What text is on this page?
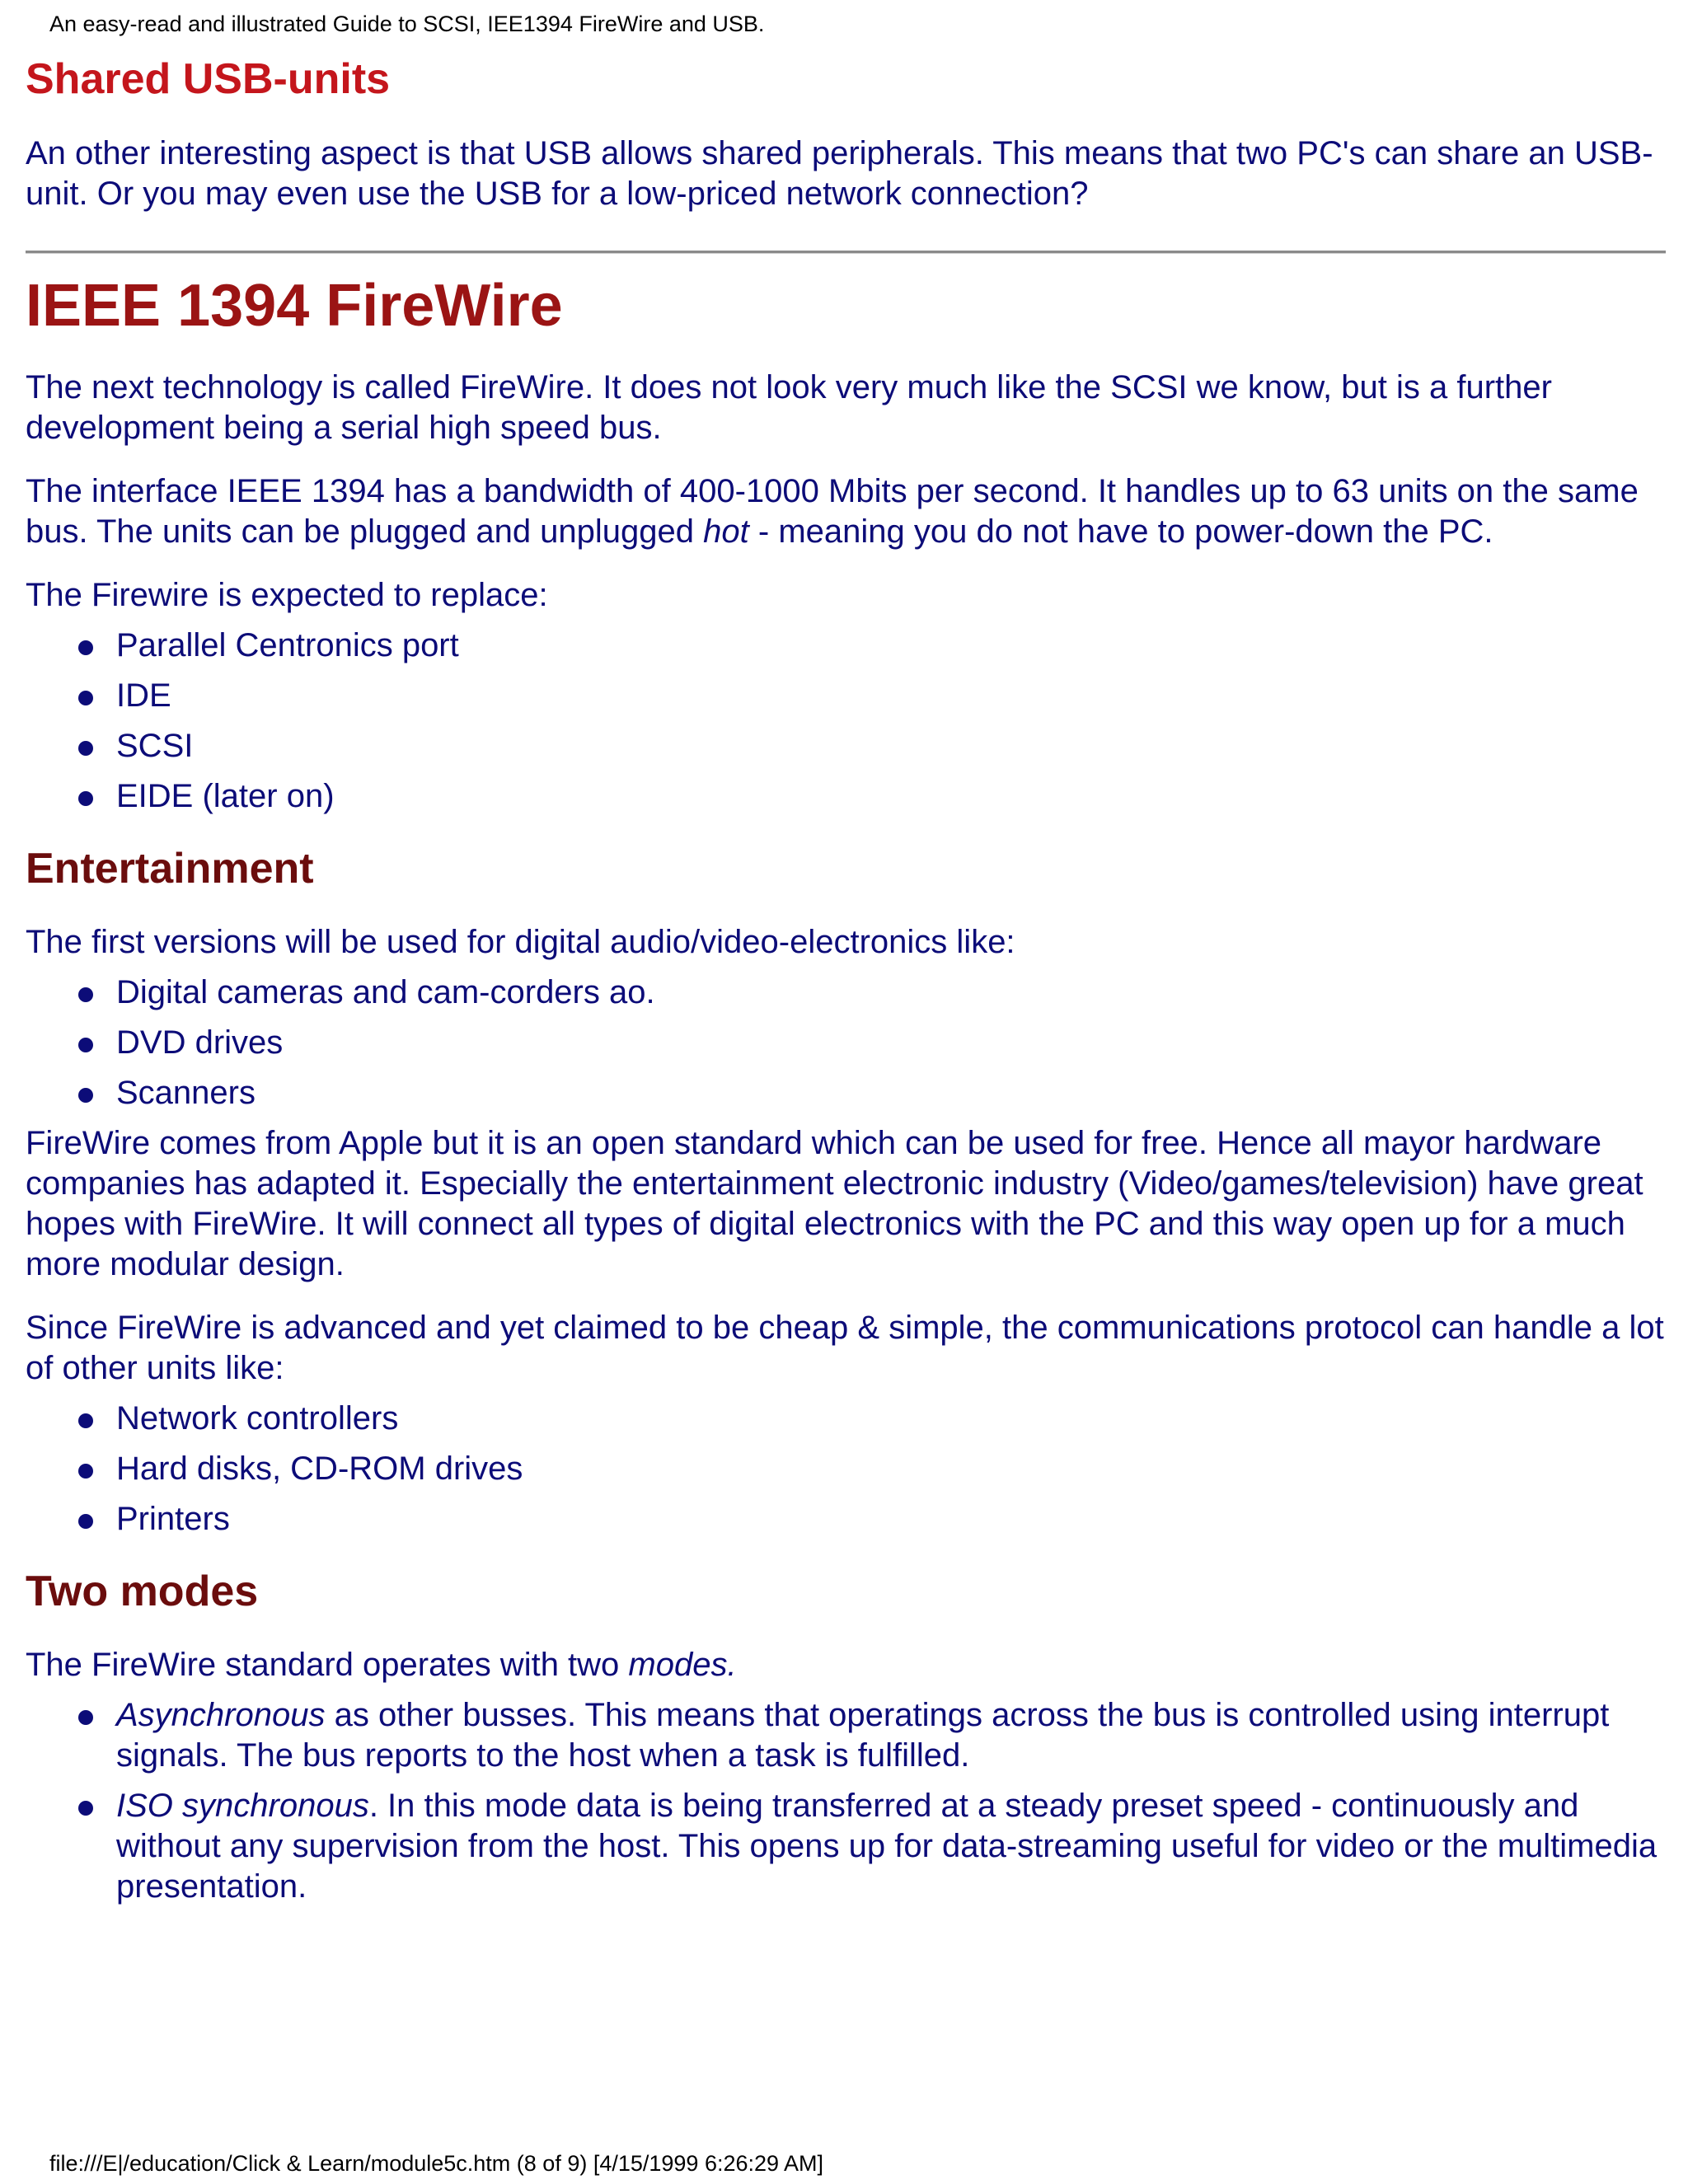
An easy-read and illustrated Guide to SCSI, IEE1394 FireWire and USB.
Shared USB-units

An other interesting aspect is that USB allows shared peripherals. This means that two PC's can share an USB-unit. Or you may even use the USB for a low-priced network connection?

IEEE 1394 FireWire

The next technology is called FireWire. It does not look very much like the SCSI we know, but is a further development being a serial high speed bus.

The interface IEEE 1394 has a bandwidth of 400-1000 Mbits per second. It handles up to 63 units on the same bus. The units can be plugged and unplugged hot - meaning you do not have to power-down the PC.

The Firewire is expected to replace:

Parallel Centronics port
IDE
SCSI
EIDE (later on)
Entertainment

The first versions will be used for digital audio/video-electronics like:

Digital cameras and cam-corders ao.
DVD drives
Scanners

FireWire comes from Apple but it is an open standard which can be used for free. Hence all mayor hardware companies has adapted it. Especially the entertainment electronic industry (Video/games/television) have great hopes with FireWire. It will connect all types of digital electronics with the PC and this way open up for a much more modular design.

Since FireWire is advanced and yet claimed to be cheap & simple, the communications protocol can handle a lot of other units like:

Network controllers
Hard disks, CD-ROM drives
Printers
Two modes

The FireWire standard operates with two modes.

Asynchronous as other busses. This means that operatings across the bus is controlled using interrupt signals. The bus reports to the host when a task is fulfilled.
ISO synchronous. In this mode data is being transferred at a steady preset speed - continuously and without any supervision from the host. This opens up for data-streaming useful for video or the multimedia presentation.
file:///E|/education/Click & Learn/module5c.htm (8 of 9) [4/15/1999 6:26:29 AM]
